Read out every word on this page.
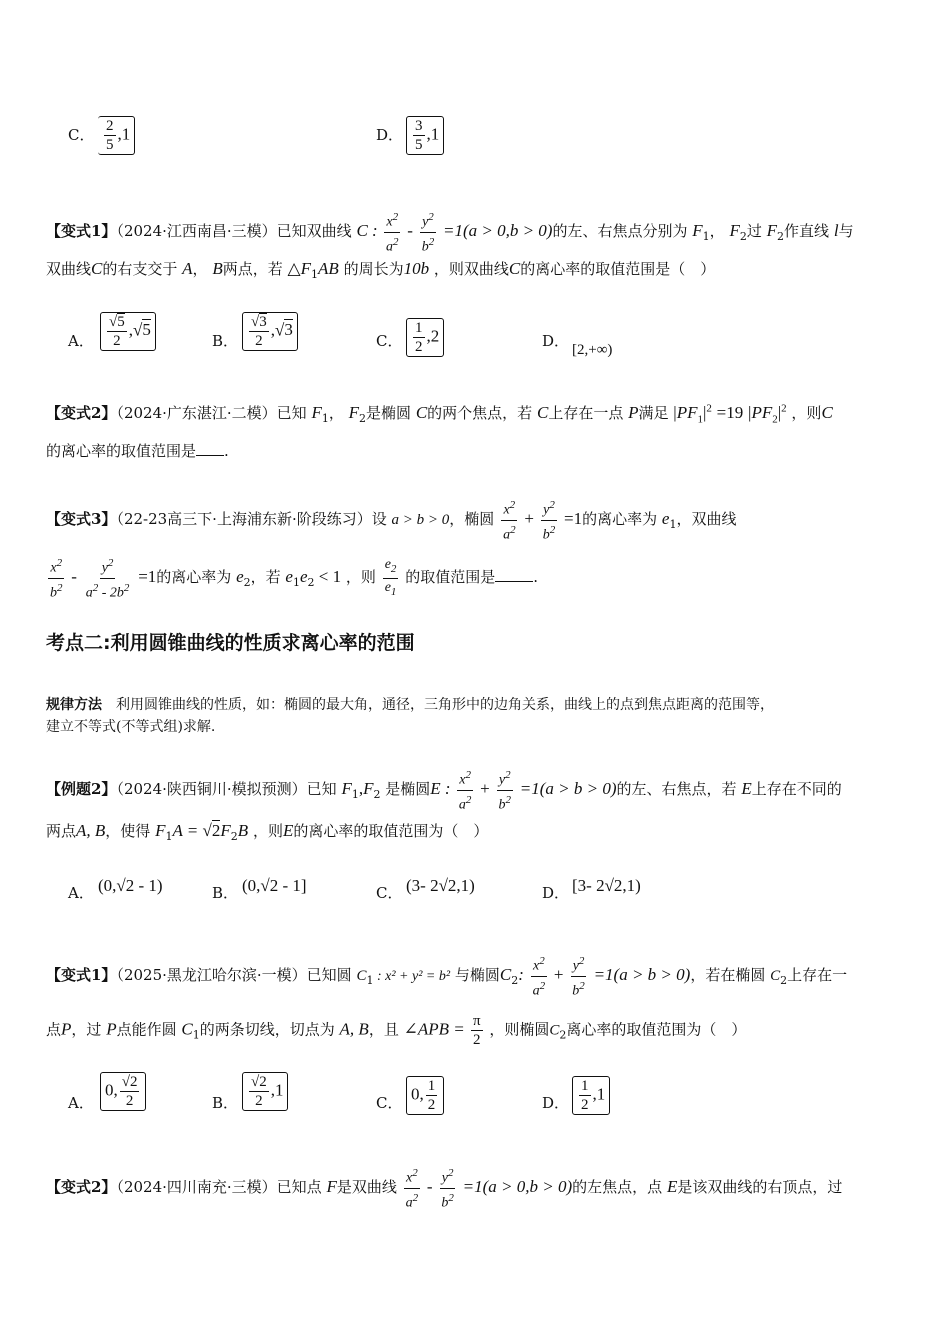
C． $\frac{2}{5} ,1$	D． $\frac{3}{5} ,1$
【变式1】（2024·江西南昌·三模）已知双曲线 C : $\frac{x^2}{a^2} - \frac{y^2}{b^2} =1(a > 0,b > 0)$的左、右焦点分别为 $F_1$， $F_2$过 $F_2$作直线 l与
双曲线C的右支交于 A， B两点，若 $\triangle F_1AB$ 的周长为10b ，则双曲线C的离心率的取值范围是（　）
A． $\frac{√5}{2} ,√5$
B． $\frac{√3}{2} ,√3$
C． $\frac{1}{2} ,2$	D． [2,+∞)
【变式2】（2024·广东湛江·二模）已知 $F_1$， $F_2$是椭圆 C的两个焦点，若 C上存在一点 P满足 $|PF_1|^2 =19$ $|PF_2|^2$ ，则C
的离心率的取值范围是 .
【变式3】（22-23高三下·上海浦东新·阶段练习）设 a > b > 0，椭圆 $\frac{x^2}{a^2} + \frac{y^2}{b^2} =1$的离心率为 $e_1$，双曲线
$\frac{x^2}{b^2} - \frac{y^2}{a^2 - 2b^2} =1$的离心率为 $e_2$，若 $e_1e_2 < 1$ ，则 $\frac{e_2}{e_1}$ 的取值范围是	.
考点二:利用圆锥曲线的性质求离心率的范围
规律方法　 利用圆锥曲线的性质，如：椭圆的最大角，通径，三角形中的边角关系，曲线上的点到焦点距离的范围等，
建立不等式(不等式组)求解.
【例题2】（2024·陕西铜川·模拟预测）已知 $F_1,F_2$ 是椭圆E : $\frac{x^2}{a^2} + \frac{y^2}{b^2} =1(a > b > 0)$的左、右焦点，若 E上存在不同的
两点A, B，使得 $F_1A = √2F_2B$ ，则E的离心率的取值范围为（　）
A． (0,√2 - 1)	B． (0,√2 - 1]	C． (3- 2√2,1)	D． [3- 2√2,1)
【变式1】（2025·黑龙江哈尔滨·一模）已知圆 $C_1$ : x² + y² = b² 与椭圆$C_2$: $\frac{x^2}{a^2} + \frac{y^2}{b^2} =1(a > b > 0)$，若在椭圆 $C_2$上存在一
点P，过 P点能作圆 $C_1$的两条切线，切点为 A, B，且 ∠APB = $\frac{\pi}{2}$ ，则椭圆$C_2$离心率的取值范围为（　）
A．
0, $\frac{√2}{2}$	B． $\frac{√2}{2} ,1$
C． 0, $\frac{1}{2}$	D． $\frac{1}{2} ,1$
【变式2】（2024·四川南充·三模）已知点 F是双曲线 $\frac{x^2}{a^2} - \frac{y^2}{b^2} =1(a > 0,b > 0)$的左焦点，点 E是该双曲线的右顶点，过
